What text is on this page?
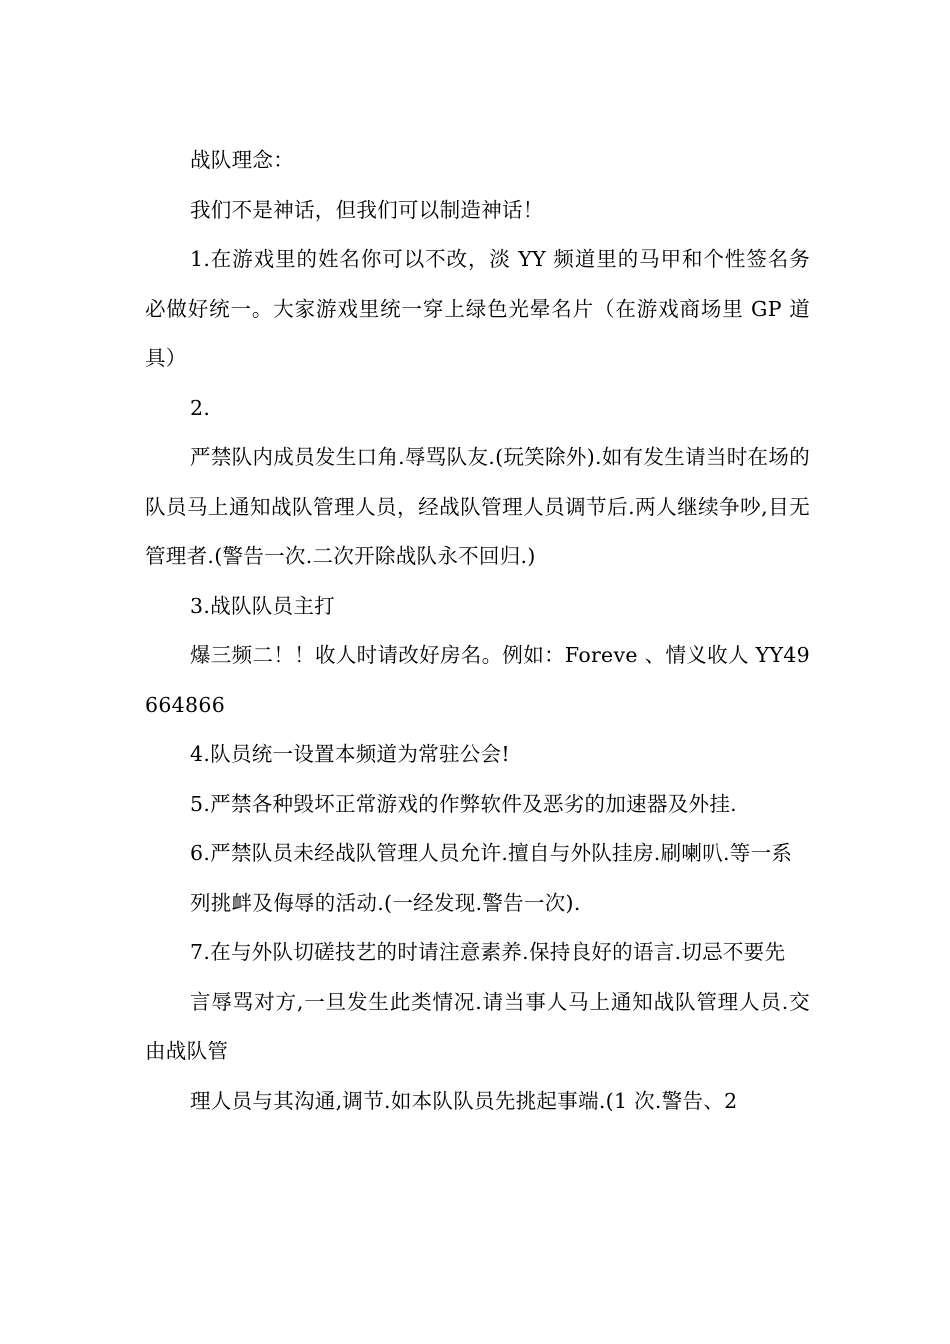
战队理念：

我们不是神话，但我们可以制造神话！

1.在游戏里的姓名你可以不改，淡 YY 频道里的马甲和个性签名务必做好统一。大家游戏里统一穿上绿色光晕名片（在游戏商场里 GP 道具）

2.

严禁队内成员发生口角.辱骂队友.(玩笑除外).如有发生请当时在场的队员马上通知战队管理人员，经战队管理人员调节后.两人继续争吵,目无管理者.(警告一次.二次开除战队永不回归.)

3.战队队员主打

爆三频二！！收人时请改好房名。例如：Foreve 、情义收人 YY49664866

4.队员统一设置本频道为常驻公会!

5.严禁各种毁坏正常游戏的作弊软件及恶劣的加速器及外挂.

6.严禁队员未经战队管理人员允许.擅自与外队挂房.刷喇叭.等一系

列挑衅及侮辱的活动.(一经发现.警告一次).

7.在与外队切磋技艺的时请注意素养.保持良好的语言.切忌不要先

言辱骂对方,一旦发生此类情况.请当事人马上通知战队管理人员.交由战队管

理人员与其沟通,调节.如本队队员先挑起事端.(1 次.警告、2
